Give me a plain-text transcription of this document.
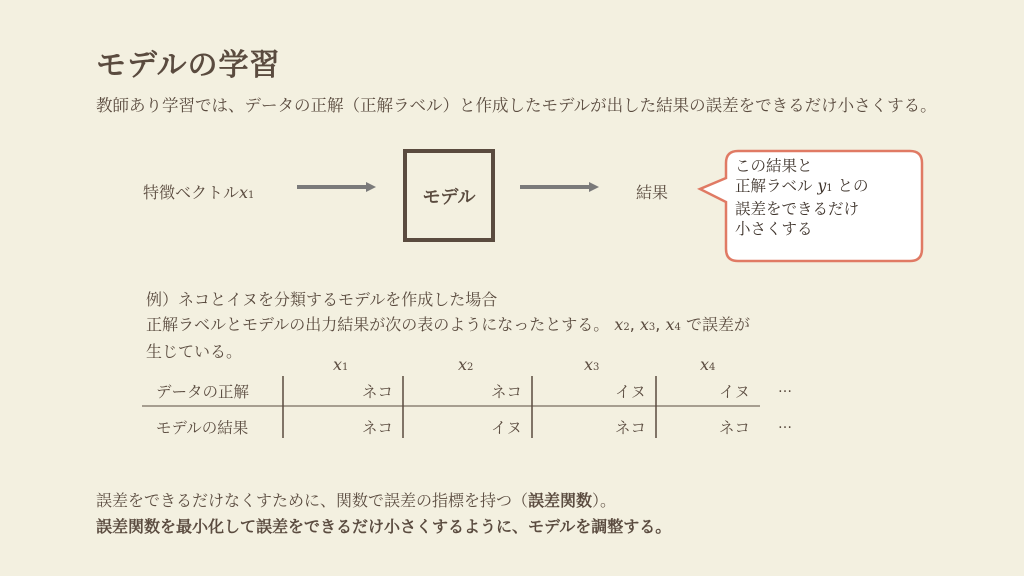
モデルの学習
教師あり学習では、データの正解（正解ラベル）と作成したモデルが出した結果の誤差をできるだけ小さくする。
特徴ベクトルx1	モデル	結果
この結果と
正解ラベル y1 との
誤差をできるだけ
小さくする
例）ネコとイヌを分類するモデルを作成した場合
正解ラベルとモデルの出力結果が次の表のようになったとする。 x2, x3, x4 で誤差が
生じている。
x1	x2	x3	x4
データの正解	ネコ	ネコ	イヌ	イヌ …
モデルの結果	ネコ	イヌ	ネコ	ネコ …
誤差をできるだけなくすために、関数で誤差の指標を持つ（誤差関数）。
誤差関数を最小化して誤差をできるだけ小さくするように、モデルを調整する。
